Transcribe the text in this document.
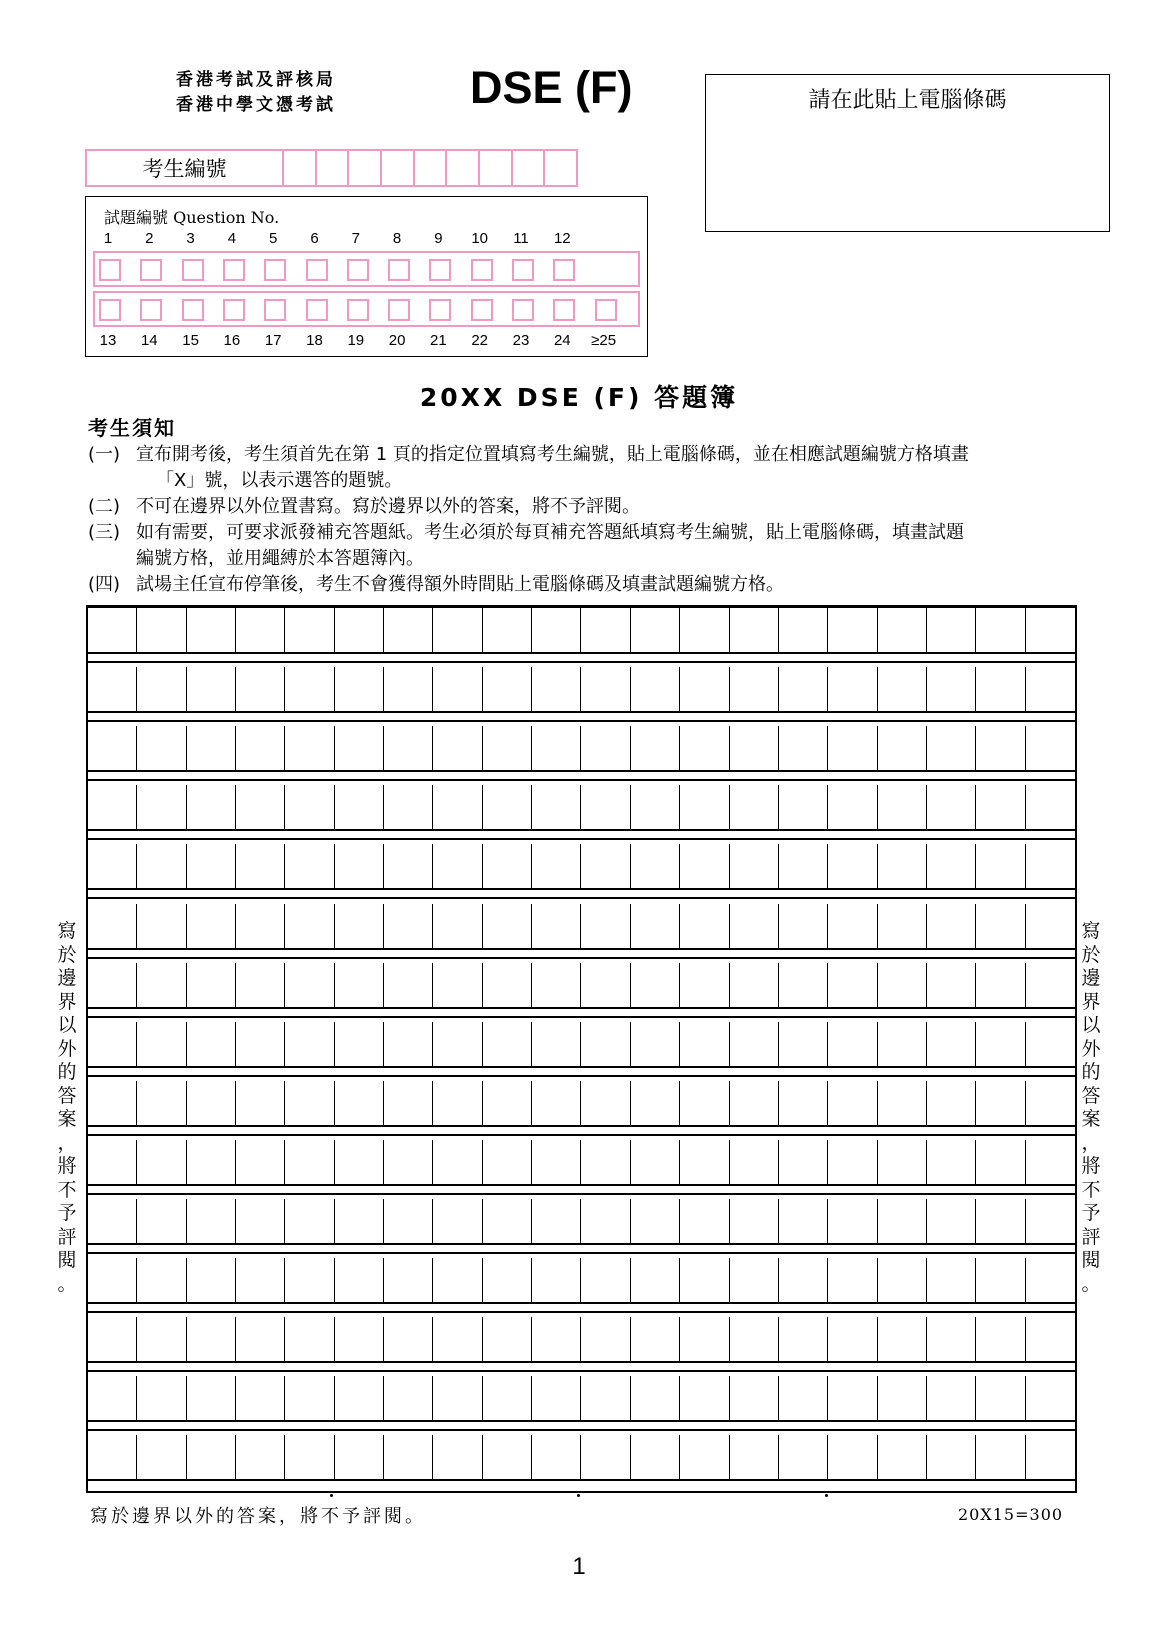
香港考試及評核局
香港中學文憑考試	DSE (F)	請在此貼上電腦條碼
考生編號
試題編號 Question No.
1	2	3	4	5	6	7	8	9	10	11	12
13	14	15	16	17	18	19	20	21	22	23	24	≥25
20XX DSE (F) 答題簿
考生須知
(一) 宣布開考後，考生須首先在第 1 頁的指定位置填寫考生編號，貼上電腦條碼，並在相應試題編號方格填畫
「X」號，以表示選答的題號。
(二) 不可在邊界以外位置書寫。寫於邊界以外的答案，將不予評閱。
(三) 如有需要，可要求派發補充答題紙。考生必須於每頁補充答題紙填寫考生編號，貼上電腦條碼，填畫試題
編號方格，並用繩縛於本答題簿內。
(四) 試場主任宣布停筆後，考生不會獲得額外時間貼上電腦條碼及填畫試題編號方格。
寫
於
邊
界
以
外
的
答
案
，
將
不
予
評
閱
。
寫
於
邊
界
以
外
的
答
案
，
將
不
予
評
閱
。
寫於邊界以外的答案，將不予評閱。	20X15=300
1
